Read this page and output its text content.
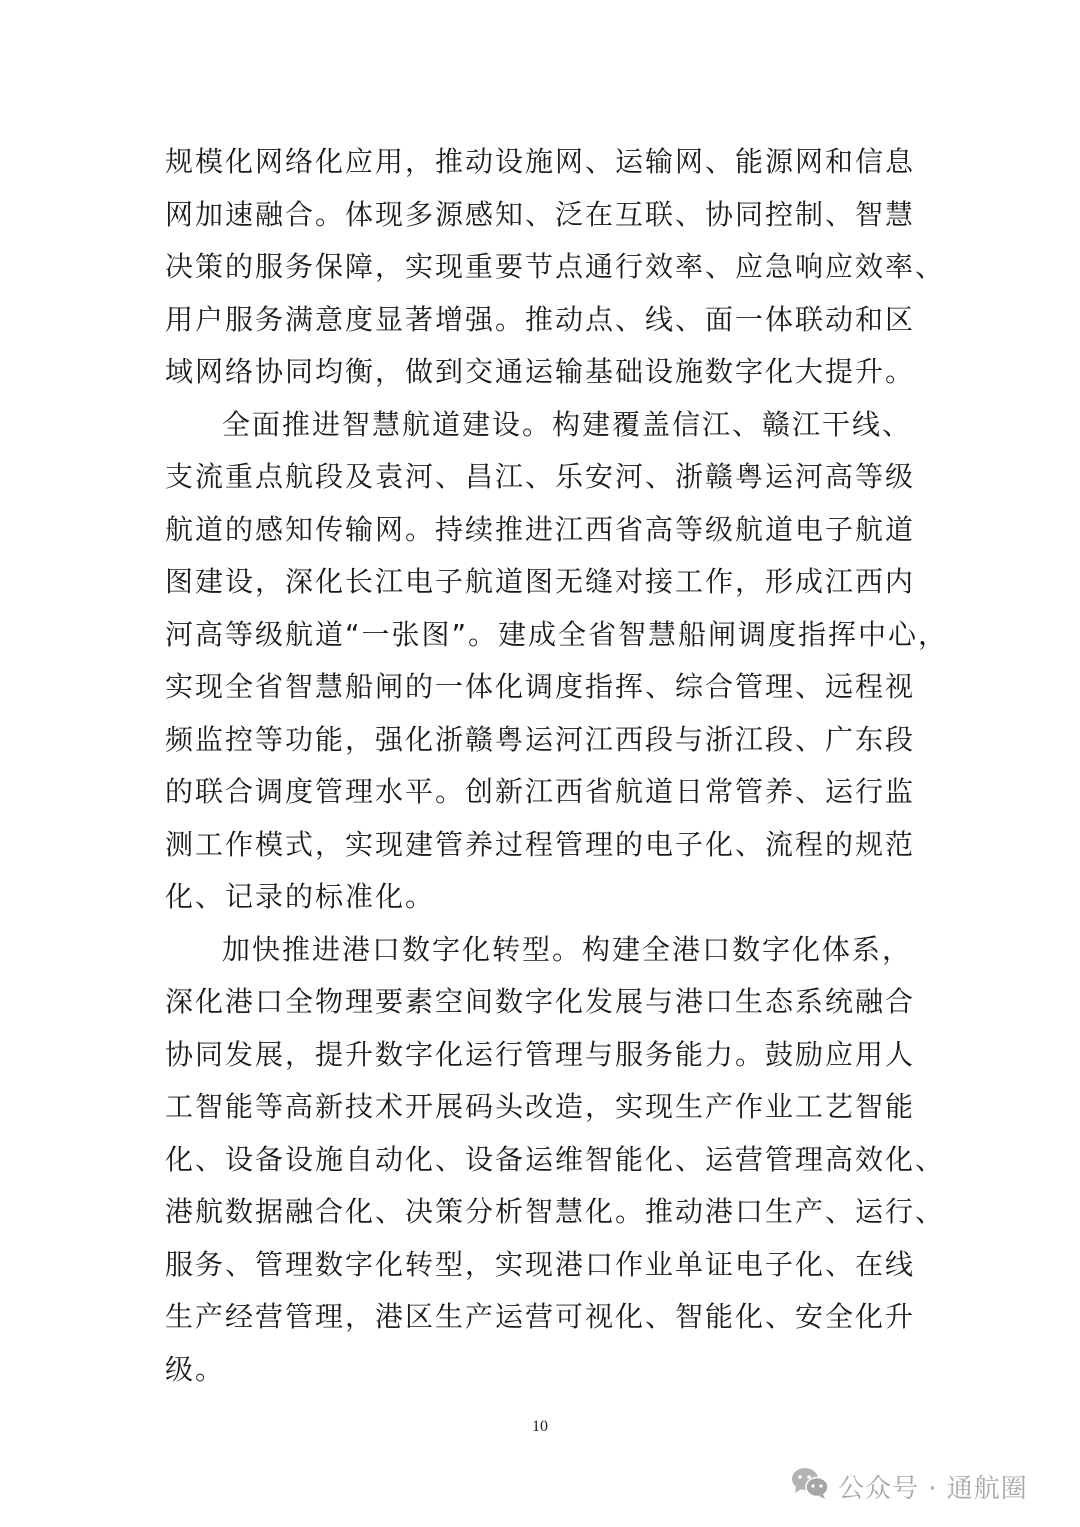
规模化网络化应用，推动设施网、运输网、能源网和信息
网加速融合。体现多源感知、泛在互联、协同控制、智慧
决策的服务保障，实现重要节点通行效率、应急响应效率、
用户服务满意度显著增强。推动点、线、面一体联动和区
域网络协同均衡，做到交通运输基础设施数字化大提升。
全面推进智慧航道建设。构建覆盖信江、赣江干线、
支流重点航段及袁河、昌江、乐安河、浙赣粤运河高等级
航道的感知传输网。持续推进江西省高等级航道电子航道
图建设，深化长江电子航道图无缝对接工作，形成江西内
河高等级航道“一张图”。建成全省智慧船闸调度指挥中心，
实现全省智慧船闸的一体化调度指挥、综合管理、远程视
频监控等功能，强化浙赣粤运河江西段与浙江段、广东段
的联合调度管理水平。创新江西省航道日常管养、运行监
测工作模式，实现建管养过程管理的电子化、流程的规范
化、记录的标准化。
加快推进港口数字化转型。构建全港口数字化体系，
深化港口全物理要素空间数字化发展与港口生态系统融合
协同发展，提升数字化运行管理与服务能力。鼓励应用人
工智能等高新技术开展码头改造，实现生产作业工艺智能
化、设备设施自动化、设备运维智能化、运营管理高效化、
港航数据融合化、决策分析智慧化。推动港口生产、运行、
服务、管理数字化转型，实现港口作业单证电子化、在线
生产经营管理，港区生产运营可视化、智能化、安全化升
级。
10
公众号 · 通航圈
